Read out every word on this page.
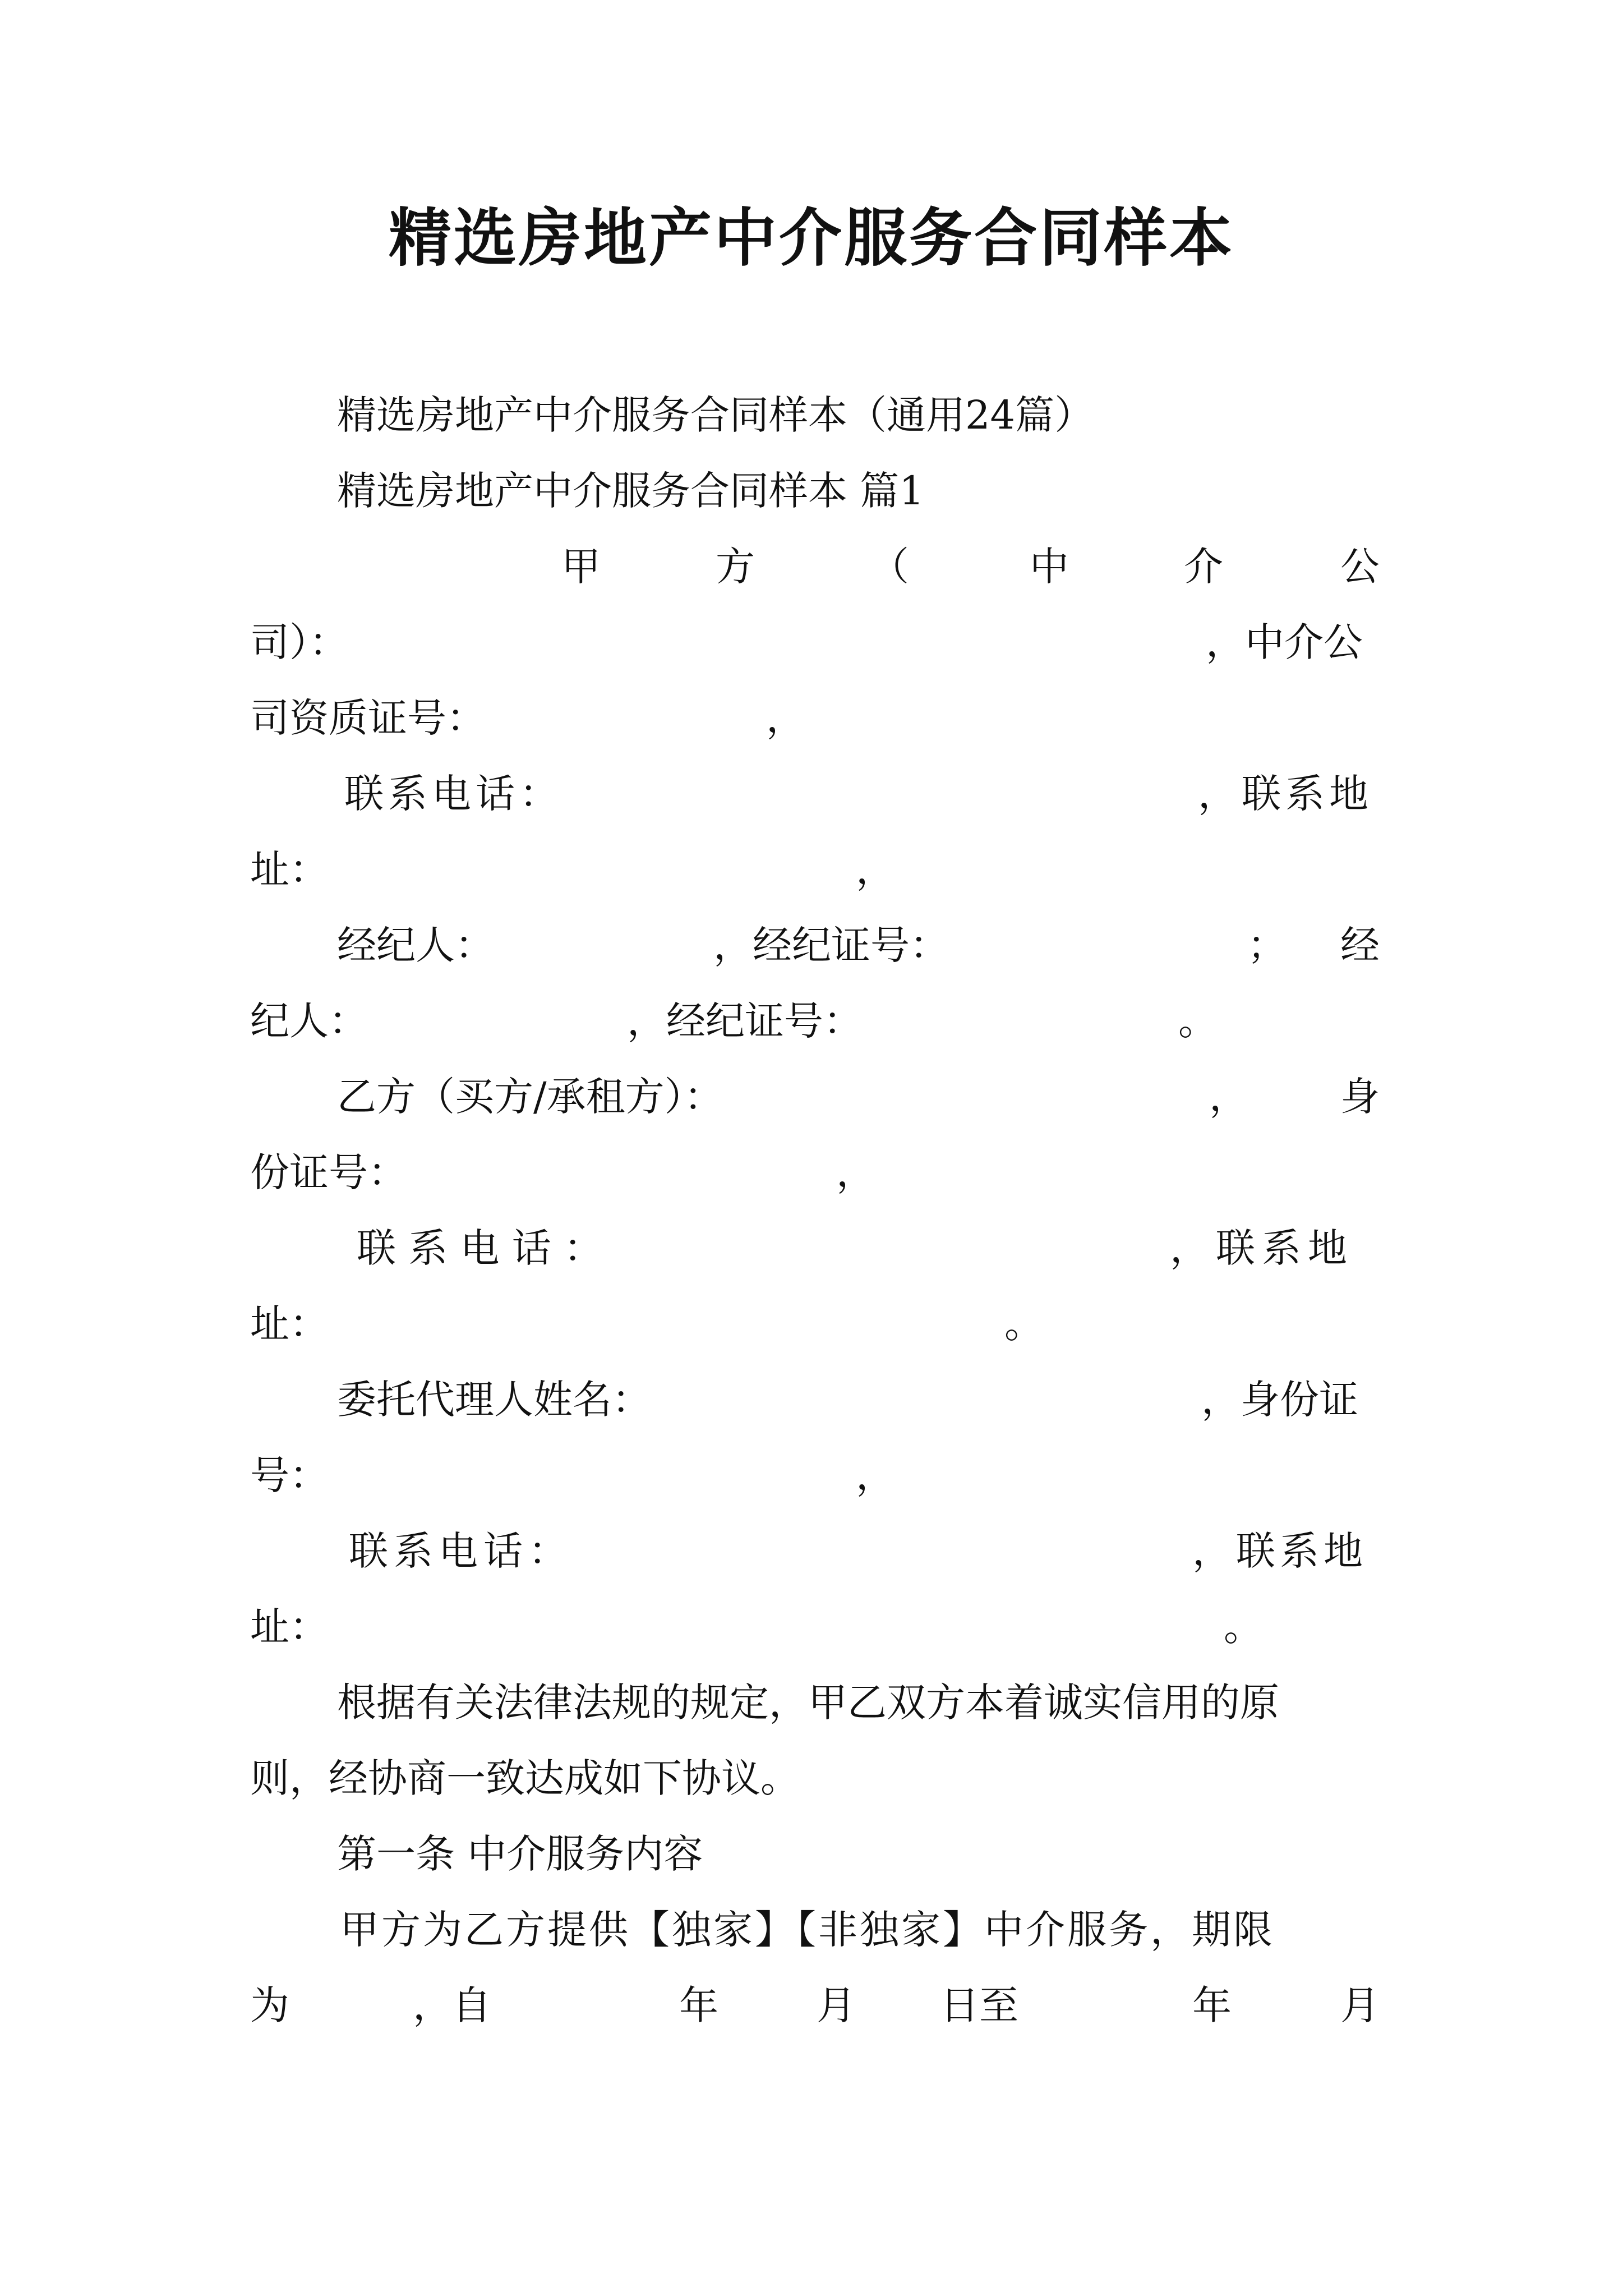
精选房地产中介服务合同样本
精选房地产中介服务合同样本（通用24篇）
精选房地产中介服务合同样本 篇1
甲	方	（	中	介	公
司）：	，中介公
司资质证号：	，
联系电话：	，联系地
址：	，
经纪人：	，经纪证号：	； 经
纪人：	，经纪证号：	。
乙方（买方/承租方）：	， 身
份证号：	，
联 系 电 话 ：	，联系地
址：	。
委托代理人姓名：	，身份证
号：	，
联系电话：	，联系地
址：	。
根据有关法律法规的规定，甲乙双方本着诚实信用的原
则，经协商一致达成如下协议。
第一条 中介服务内容
甲方为乙方提供【独家】【非独家】中介服务，期限
为	，自	年	月 日至	年	月
